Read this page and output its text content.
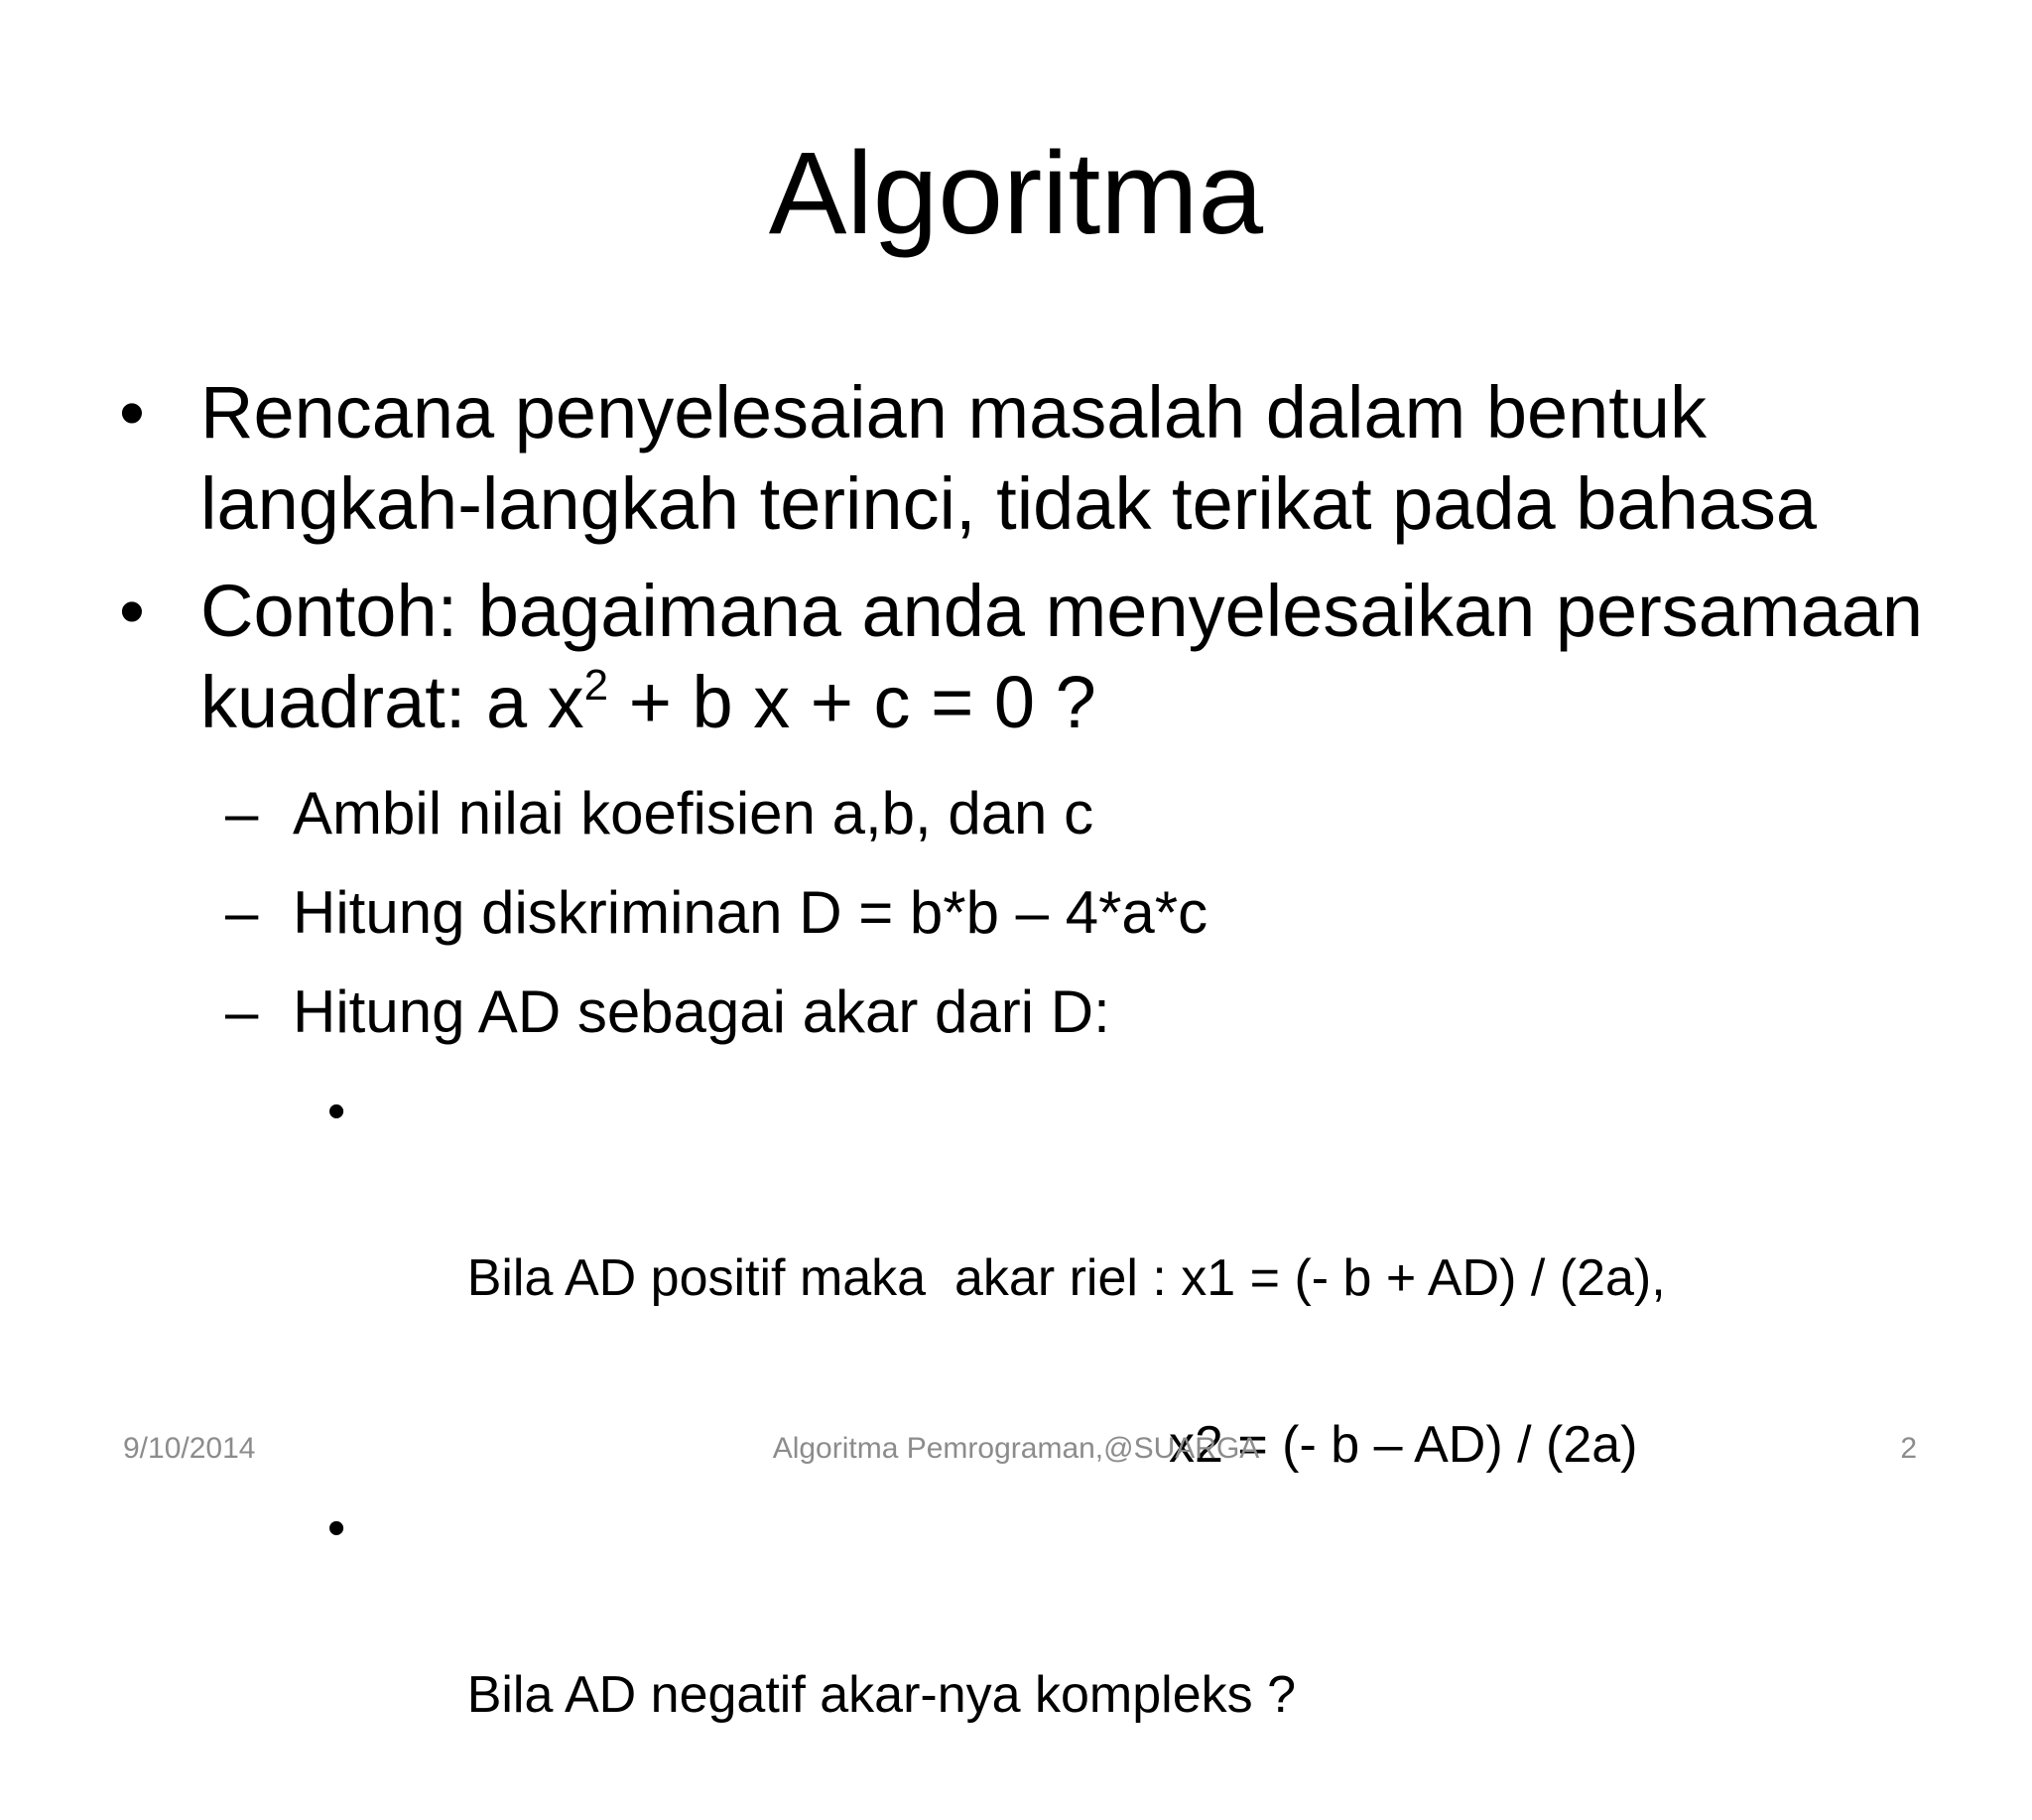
Algoritma
• Rencana penyelesaian masalah dalam bentuk langkah-langkah terinci, tidak terikat pada bahasa
• Contoh: bagaimana anda menyelesaikan persamaan kuadrat: a $x^2 + b$ x + c = 0 ?
– Ambil nilai koefisien a,b, dan c
– Hitung diskriminan D = b*b – 4*a*c
– Hitung AD sebagai akar dari D:

•

Bila AD positif maka  akar riel : x1 = (- b + AD) / (2a),

x2 = (- b – AD) / (2a)

•

Bila AD negatif akar-nya kompleks ?

9/10/2014	Algoritma Pemrograman,@SUARGA	2
